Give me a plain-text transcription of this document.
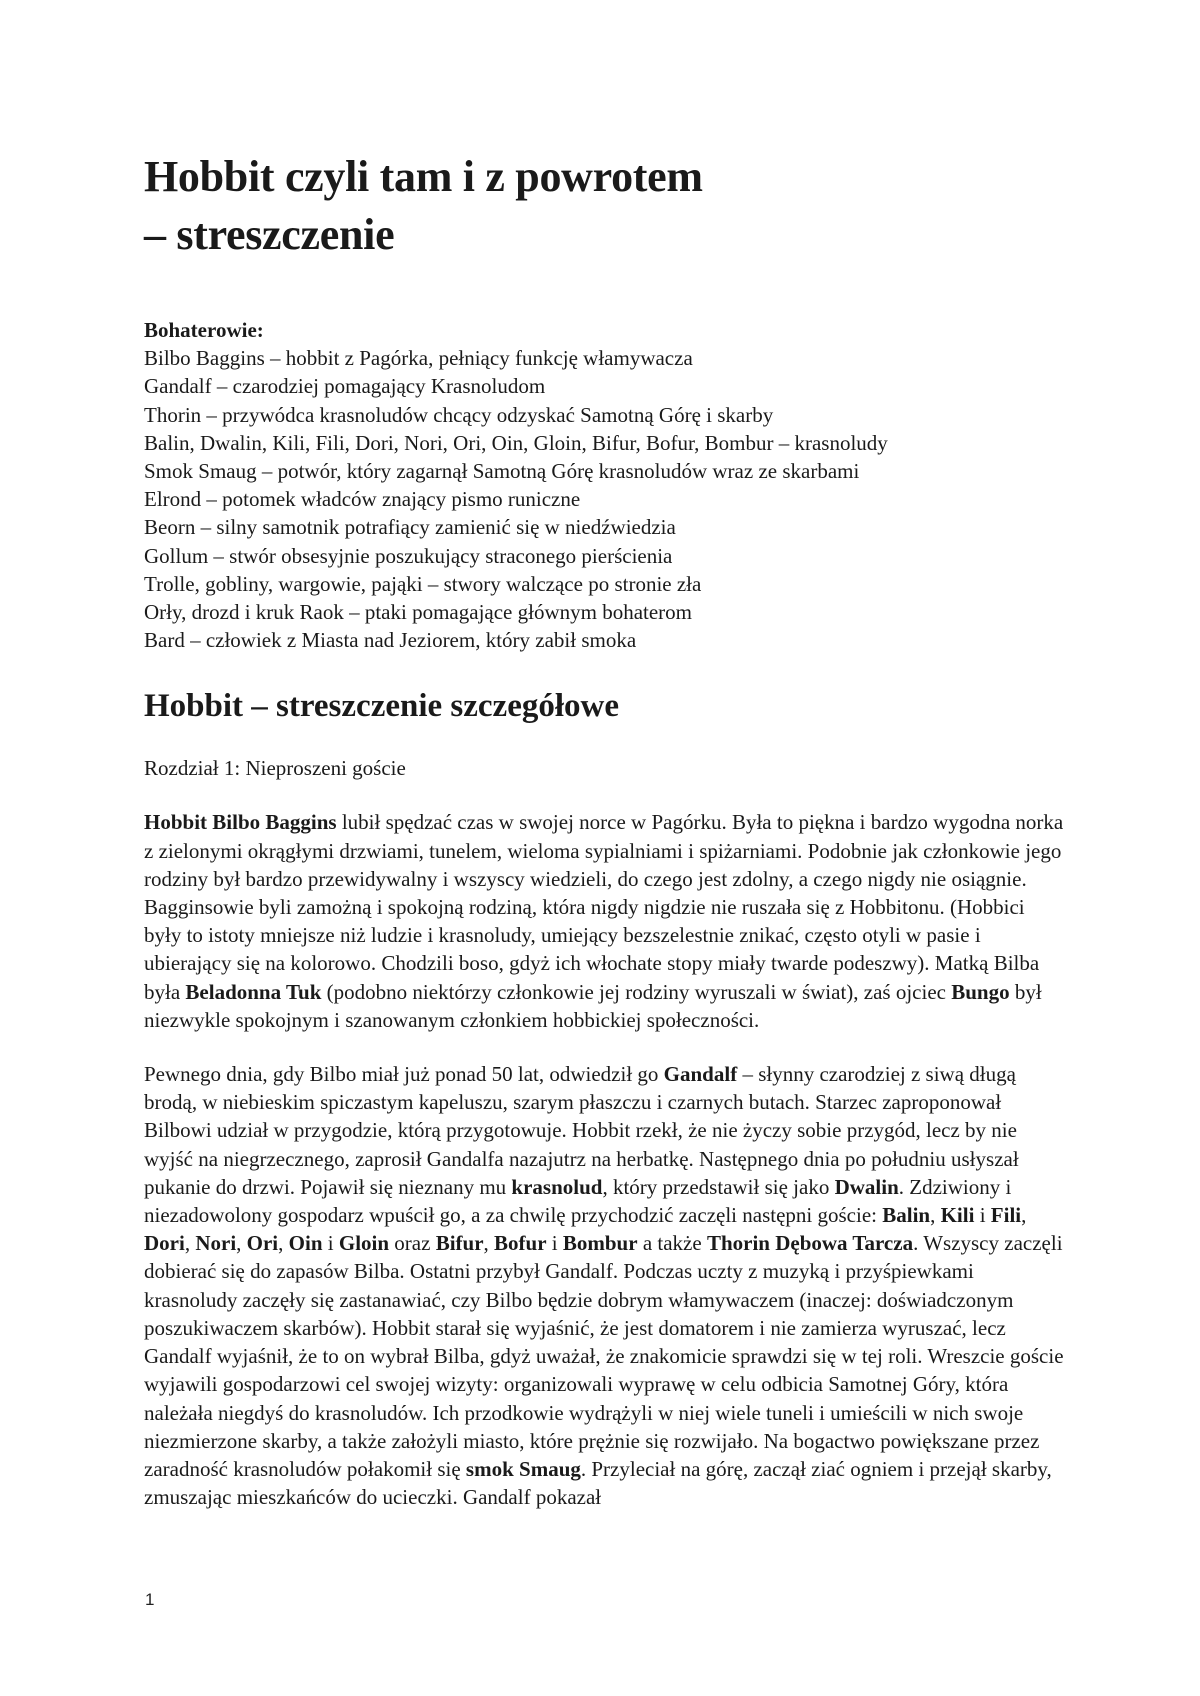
Hobbit czyli tam i z powrotem
– streszczenie
Bohaterowie:
Bilbo Baggins – hobbit z Pagórka, pełniący funkcję włamywacza
Gandalf – czarodziej pomagający Krasnoludom
Thorin – przywódca krasnoludów chcący odzyskać Samotną Górę i skarby
Balin, Dwalin, Kili, Fili, Dori, Nori, Ori, Oin, Gloin, Bifur, Bofur, Bombur – krasnoludy
Smok Smaug – potwór, który zagarnął Samotną Górę krasnoludów wraz ze skarbami
Elrond – potomek władców znający pismo runiczne
Beorn – silny samotnik potrafiący zamienić się w niedźwiedzia
Gollum – stwór obsesyjnie poszukujący straconego pierścienia
Trolle, gobliny, wargowie, pająki – stwory walczące po stronie zła
Orły, drozd i kruk Raok – ptaki pomagające głównym bohaterom
Bard – człowiek z Miasta nad Jeziorem, który zabił smoka
Hobbit – streszczenie szczegółowe
Rozdział 1: Nieproszeni goście

Hobbit Bilbo Baggins lubił spędzać czas w swojej norce w Pagórku. Była to piękna i bardzo wygodna norka z zielonymi okrągłymi drzwiami, tunelem, wieloma sypialniami i spiżarniami. Podobnie jak członkowie jego rodziny był bardzo przewidywalny i wszyscy wiedzieli, do czego jest zdolny, a czego nigdy nie osiągnie. Bagginsowie byli zamożną i spokojną rodziną, która nigdy nigdzie nie ruszała się z Hobbitonu. (Hobbici były to istoty mniejsze niż ludzie i krasnoludy, umiejący bezszelestnie znikać, często otyli w pasie i ubierający się na kolorowo. Chodzili boso, gdyż ich włochate stopy miały twarde podeszwy). Matką Bilba była Beladonna Tuk (podobno niektórzy członkowie jej rodziny wyruszali w świat), zaś ojciec Bungo był niezwykle spokojnym i szanowanym członkiem hobbickiej społeczności.

Pewnego dnia, gdy Bilbo miał już ponad 50 lat, odwiedził go Gandalf – słynny czarodziej z siwą długą brodą, w niebieskim spiczastym kapeluszu, szarym płaszczu i czarnych butach. Starzec zaproponował Bilbowi udział w przygodzie, którą przygotowuje. Hobbit rzekł, że nie życzy sobie przygód, lecz by nie wyjść na niegrzecznego, zaprosił Gandalfa nazajutrz na herbatkę. Następnego dnia po południu usłyszał pukanie do drzwi. Pojawił się nieznany mu krasnolud, który przedstawił się jako Dwalin. Zdziwiony i niezadowolony gospodarz wpuścił go, a za chwilę przychodzić zaczęli następni goście: Balin, Kili i Fili, Dori, Nori, Ori, Oin i Gloin oraz Bifur, Bofur i Bombur a także Thorin Dębowa Tarcza. Wszyscy zaczęli dobierać się do zapasów Bilba. Ostatni przybył Gandalf. Podczas uczty z muzyką i przyśpiewkami krasnoludy zaczęły się zastanawiać, czy Bilbo będzie dobrym włamywaczem (inaczej: doświadczonym poszukiwaczem skarbów). Hobbit starał się wyjaśnić, że jest domatorem i nie zamierza wyruszać, lecz Gandalf wyjaśnił, że to on wybrał Bilba, gdyż uważał, że znakomicie sprawdzi się w tej roli. Wreszcie goście wyjawili gospodarzowi cel swojej wizyty: organizowali wyprawę w celu odbicia Samotnej Góry, która należała niegdyś do krasnoludów. Ich przodkowie wydrążyli w niej wiele tuneli i umieścili w nich swoje niezmierzone skarby, a także założyli miasto, które prężnie się rozwijało. Na bogactwo powiększane przez zaradność krasnoludów połakomił się smok Smaug. Przyleciał na górę, zaczął ziać ogniem i przejął skarby, zmuszając mieszkańców do ucieczki. Gandalf pokazał

1
